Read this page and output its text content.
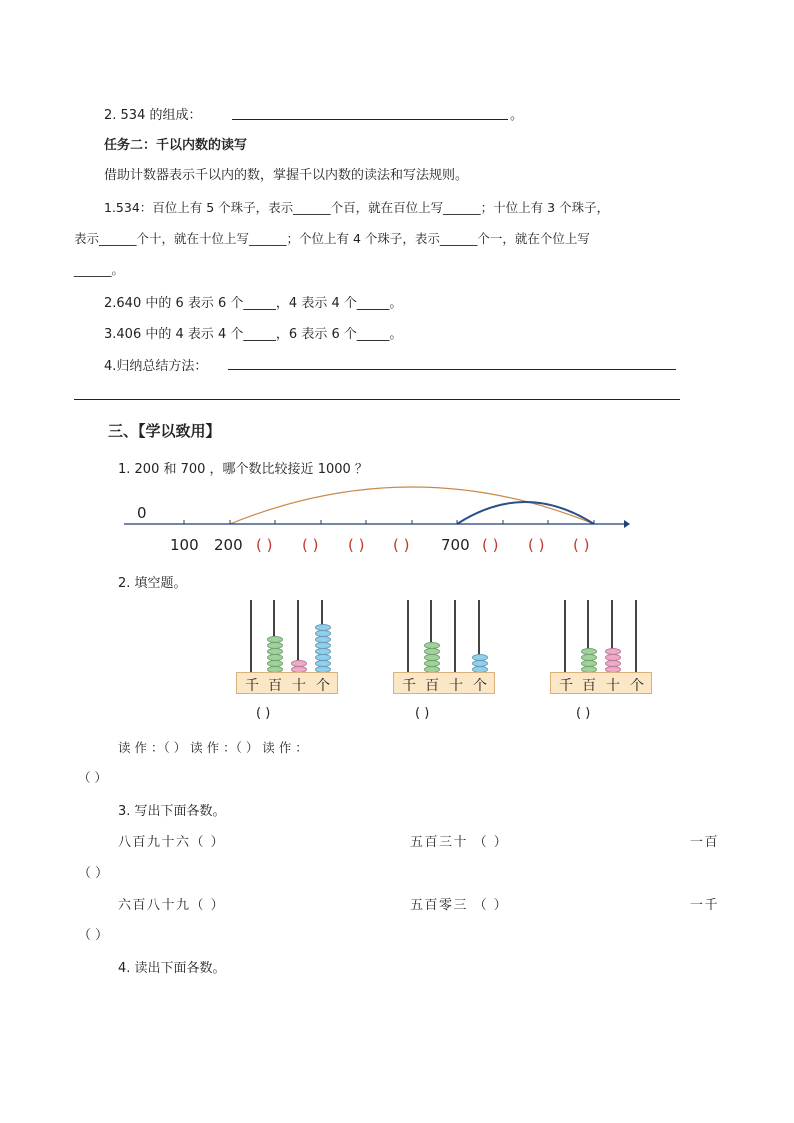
2. 534 的组成：	。
任务二：千以内数的读写
借助计数器表示千以内的数，掌握千以内数的读法和写法规则。
1.534：百位上有 5 个珠子，表示______个百，就在百位上写______；十位上有 3 个珠子，
表示______个十，就在十位上写______；个位上有 4 个珠子，表示______个一，就在个位上写
______。
2.640 中的 6 表示 6 个_____，4 表示 4 个_____。
3.406 中的 4 表示 4 个_____，6 表示 6 个_____。
4.归纳总结方法：
三、【学以致用】
1. 200 和 700 ，哪个数比较接近 1000 ？
0
100 200 ( ) ( ) ( ) ( ) 700 ( ) ( ) ( )
2. 填空题。
千 百 十 个	千 百 十 个	千 百 十 个
( )	( )	( )
读 作 ：（ ） 读 作 ：（ ） 读 作 ：
（ ）
3. 写出下面各数。
八百九十六（ ）	五百三十 （ ）	一百
（ ）
六百八十九（ ）	五百零三 （ ）	一千
（ ）
4. 读出下面各数。
